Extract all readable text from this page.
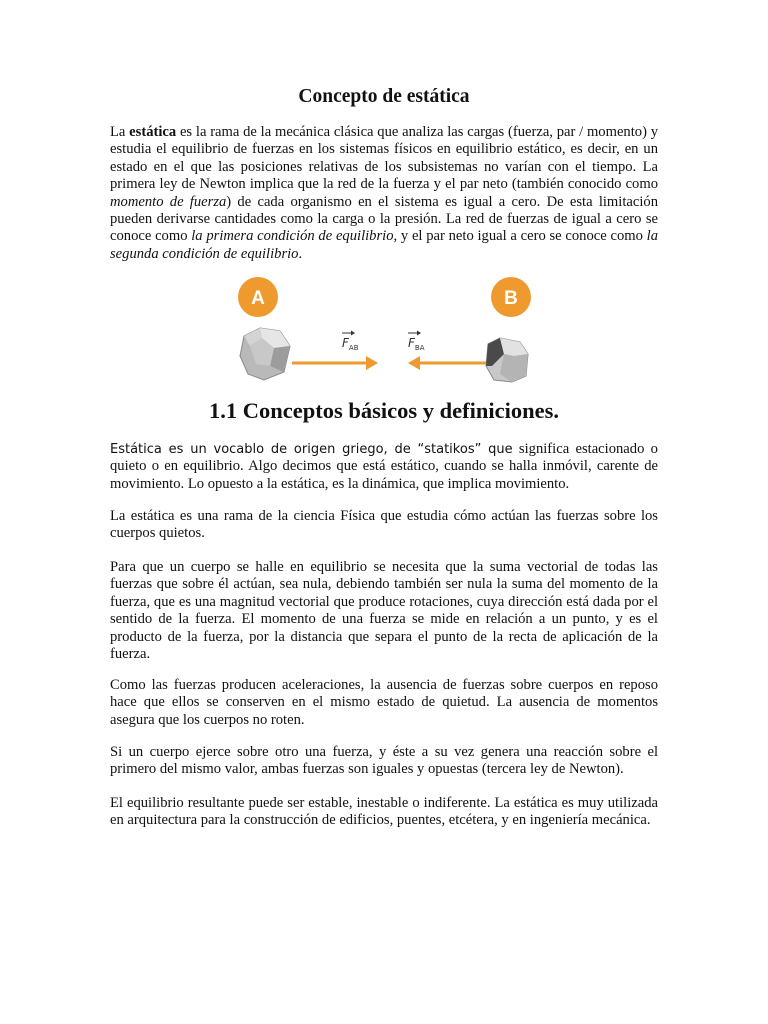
Concepto de estática

La estática es la rama de la mecánica clásica que analiza las cargas (fuerza, par / momento) y estudia el equilibrio de fuerzas en los sistemas físicos en equilibrio estático, es decir, en un estado en el que las posiciones relativas de los subsistemas no varían con el tiempo. La primera ley de Newton implica que la red de la fuerza y el par neto (también conocido como momento de fuerza) de cada organismo en el sistema es igual a cero. De esta limitación pueden derivarse cantidades como la carga o la presión. La red de fuerzas de igual a cero se conoce como la primera condición de equilibrio, y el par neto igual a cero se conoce como la segunda condición de equilibrio.

A	B
$F_{AB}$	$F_{BA}$
1.1 Conceptos básicos y definiciones.

Estática es un vocablo de origen griego, de “statikos” que significa estacionado o quieto o en equilibrio. Algo decimos que está estático, cuando se halla inmóvil, carente de movimiento. Lo opuesto a la estática, es la dinámica, que implica movimiento.

La estática es una rama de la ciencia Física que estudia cómo actúan las fuerzas sobre los cuerpos quietos.

Para que un cuerpo se halle en equilibrio se necesita que la suma vectorial de todas las fuerzas que sobre él actúan, sea nula, debiendo también ser nula la suma del momento de la fuerza, que es una magnitud vectorial que produce rotaciones, cuya dirección está dada por el sentido de la fuerza. El momento de una fuerza se mide en relación a un punto, y es el producto de la fuerza, por la distancia que separa el punto de la recta de aplicación de la fuerza.

Como las fuerzas producen aceleraciones, la ausencia de fuerzas sobre cuerpos en reposo hace que ellos se conserven en el mismo estado de quietud. La ausencia de momentos asegura que los cuerpos no roten.

Si un cuerpo ejerce sobre otro una fuerza, y éste a su vez genera una reacción sobre el primero del mismo valor, ambas fuerzas son iguales y opuestas (tercera ley de Newton).

El equilibrio resultante puede ser estable, inestable o indiferente. La estática es muy utilizada en arquitectura para la construcción de edificios, puentes, etcétera, y en ingeniería mecánica.
